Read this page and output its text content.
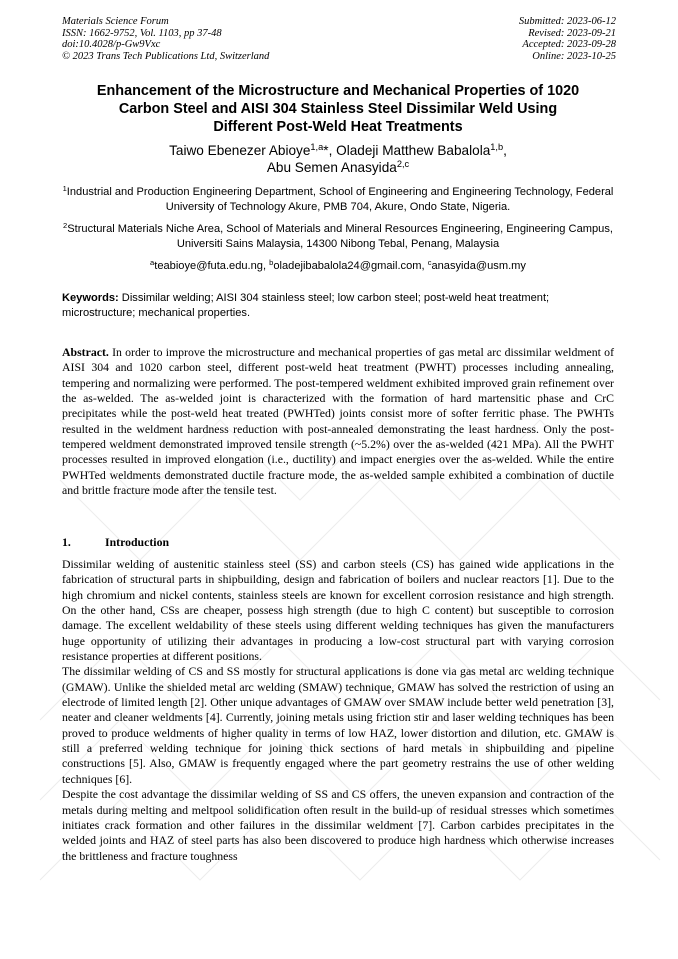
Materials Science Forum
ISSN: 1662-9752, Vol. 1103, pp 37-48
doi:10.4028/p-Gw9Vxc
© 2023 Trans Tech Publications Ltd, Switzerland
Submitted: 2023-06-12
Revised: 2023-09-21
Accepted: 2023-09-28
Online: 2023-10-25
Enhancement of the Microstructure and Mechanical Properties of 1020
Carbon Steel and AISI 304 Stainless Steel Dissimilar Weld Using
Different Post-Weld Heat Treatments
Taiwo Ebenezer Abioye$^{1,a}$*, Oladeji Matthew Babalola$^{1,b}$,
Abu Semen Anasyida$^{2,c}$
$^1$Industrial and Production Engineering Department, School of Engineering and Engineering Technology, Federal University of Technology Akure, PMB 704, Akure, Ondo State, Nigeria.
$^2$Structural Materials Niche Area, School of Materials and Mineral Resources Engineering, Engineering Campus, Universiti Sains Malaysia, 14300 Nibong Tebal, Penang, Malaysia
$^a$teabioye@futa.edu.ng, $^b$oladejibabalola24@gmail.com, $^c$anasyida@usm.my
Keywords: Dissimilar welding; AISI 304 stainless steel; low carbon steel; post-weld heat treatment; microstructure; mechanical properties.
Abstract. In order to improve the microstructure and mechanical properties of gas metal arc dissimilar weldment of AISI 304 and 1020 carbon steel, different post-weld heat treatment (PWHT) processes including annealing, tempering and normalizing were performed. The post-tempered weldment exhibited improved grain refinement over the as-welded. The as-welded joint is characterized with the formation of hard martensitic phase and CrC precipitates while the post-weld heat treated (PWHTed) joints consist more of softer ferritic phase. The PWHTs resulted in the weldment hardness reduction with post-annealed demonstrating the least hardness. Only the post-tempered weldment demonstrated improved tensile strength (~5.2%) over the as-welded (421 MPa). All the PWHT processes resulted in improved elongation (i.e., ductility) and impact energies over the as-welded. While the entire PWHTed weldments demonstrated ductile fracture mode, the as-welded sample exhibited a combination of ductile and brittle fracture mode after the tensile test.
1.	Introduction

Dissimilar welding of austenitic stainless steel (SS) and carbon steels (CS) has gained wide applications in the fabrication of structural parts in shipbuilding, design and fabrication of boilers and nuclear reactors [1]. Due to the high chromium and nickel contents, stainless steels are known for excellent corrosion resistance and high strength. On the other hand, CSs are cheaper, possess high strength (due to high C content) but susceptible to corrosion damage. The excellent weldability of these steels using different welding techniques has given the manufacturers huge opportunity of utilizing their advantages in producing a low-cost structural part with varying corrosion resistance properties at different positions.

The dissimilar welding of CS and SS mostly for structural applications is done via gas metal arc welding technique (GMAW). Unlike the shielded metal arc welding (SMAW) technique, GMAW has solved the restriction of using an electrode of limited length [2]. Other unique advantages of GMAW over SMAW include better weld penetration [3], neater and cleaner weldments [4]. Currently, joining metals using friction stir and laser welding techniques has been proved to produce weldments of higher quality in terms of low HAZ, lower distortion and dilution, etc. GMAW is still a preferred welding technique for joining thick sections of hard metals in shipbuilding and pipeline constructions [5]. Also, GMAW is frequently engaged where the part geometry restrains the use of other welding techniques [6].

Despite the cost advantage the dissimilar welding of SS and CS offers, the uneven expansion and contraction of the metals during melting and meltpool solidification often result in the build-up of residual stresses which sometimes initiates crack formation and other failures in the dissimilar weldment [7]. Carbon carbides precipitates in the welded joints and HAZ of steel parts has also been discovered to produce high hardness which otherwise increases the brittleness and fracture toughness
